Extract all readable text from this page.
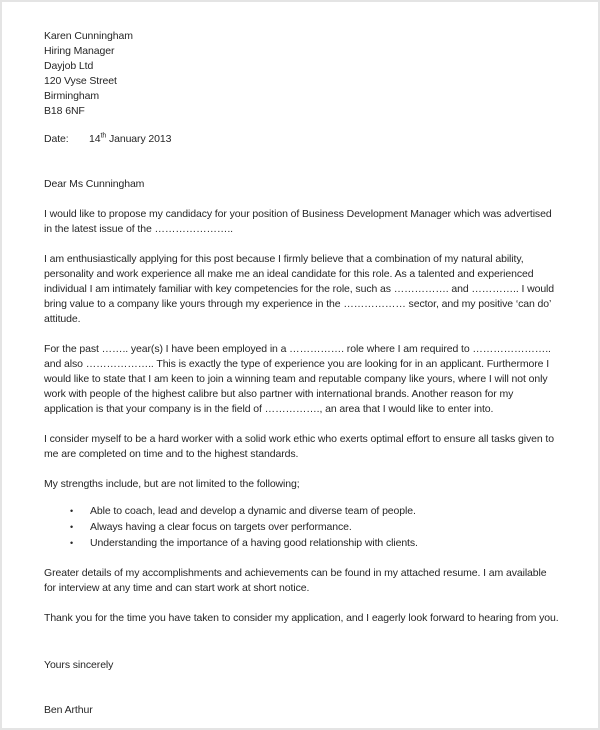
Karen Cunningham
Hiring Manager
Dayjob Ltd
120 Vyse Street
Birmingham
B18 6NF
Date: 14th January 2013
Dear Ms Cunningham

I would like to propose my candidacy for your position of Business Development Manager which was advertised in the latest issue of the …………………..

I am enthusiastically applying for this post because I firmly believe that a combination of my natural ability, personality and work experience all make me an ideal candidate for this role. As a talented and experienced individual I am intimately familiar with key competencies for the role, such as ……………. and ………….. I would bring value to a company like yours through my experience in the ……………… sector, and my positive ‘can do’ attitude.

For the past …….. year(s) I have been employed in a ……………. role where I am required to ………………….. and also ……………….. This is exactly the type of experience you are looking for in an applicant. Furthermore I would like to state that I am keen to join a winning team and reputable company like yours, where I will not only work with people of the highest calibre but also partner with international brands. Another reason for my application is that your company is in the field of ……………., an area that I would like to enter into.

I consider myself to be a hard worker with a solid work ethic who exerts optimal effort to ensure all tasks given to me are completed on time and to the highest standards.

My strengths include, but are not limited to the following;
•	Able to coach, lead and develop a dynamic and diverse team of people.
•	Always having a clear focus on targets over performance.
•	Understanding the importance of a having good relationship with clients.

Greater details of my accomplishments and achievements can be found in my attached resume. I am available for interview at any time and can start work at short notice.

Thank you for the time you have taken to consider my application, and I eagerly look forward to hearing from you.

Yours sincerely
Ben Arthur
